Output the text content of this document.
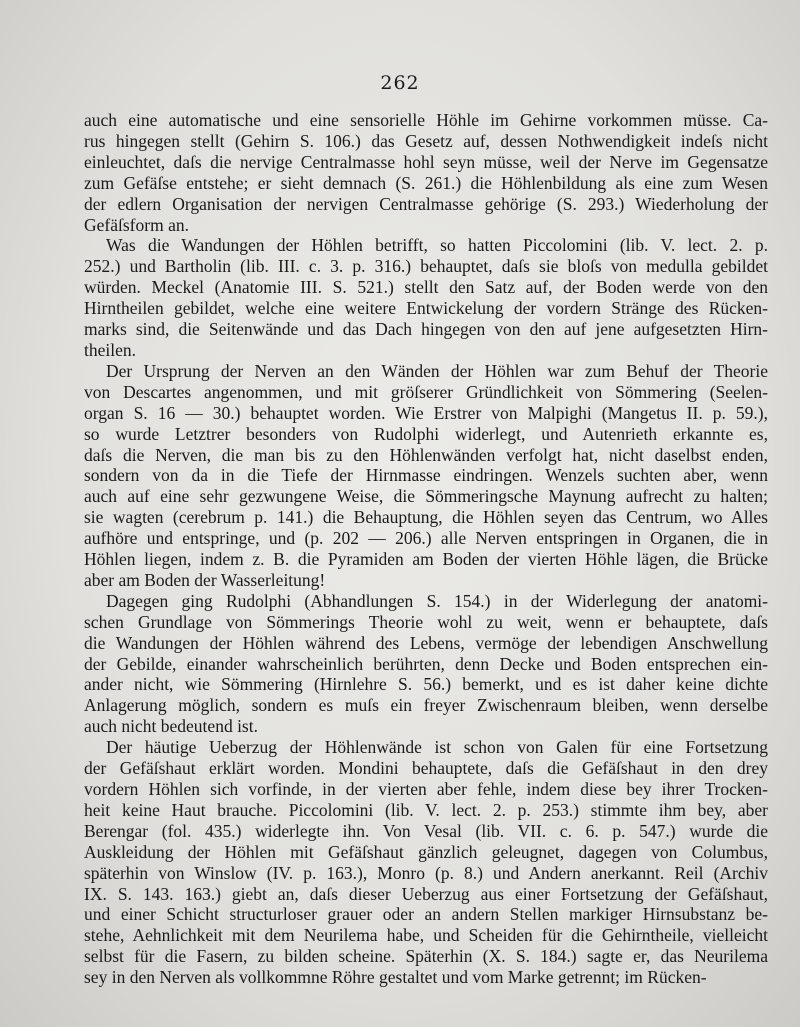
262
auch eine automatische und eine sensorielle Höhle im Gehirne vorkommen müsse. Ca-
rus hingegen stellt (Gehirn S. 106.) das Gesetz auf, dessen Nothwendigkeit indeſs nicht
einleuchtet, daſs die nervige Centralmasse hohl seyn müsse, weil der Nerve im Gegensatze
zum Gefäſse entstehe; er sieht demnach (S. 261.) die Höhlenbildung als eine zum Wesen
der edlern Organisation der nervigen Centralmasse gehörige (S. 293.) Wiederholung der
Gefäſsform an.
Was die Wandungen der Höhlen betrifft, so hatten Piccolomini (lib. V. lect. 2. p.
252.) und Bartholin (lib. III. c. 3. p. 316.) behauptet, daſs sie bloſs von medulla gebildet
würden. Meckel (Anatomie III. S. 521.) stellt den Satz auf, der Boden werde von den
Hirntheilen gebildet, welche eine weitere Entwickelung der vordern Stränge des Rücken-
marks sind, die Seitenwände und das Dach hingegen von den auf jene aufgesetzten Hirn-
theilen.
Der Ursprung der Nerven an den Wänden der Höhlen war zum Behuf der Theorie
von Descartes angenommen, und mit gröſserer Gründlichkeit von Sömmering (Seelen-
organ S. 16 — 30.) behauptet worden. Wie Erstrer von Malpighi (Mangetus II. p. 59.),
so wurde Letztrer besonders von Rudolphi widerlegt, und Autenrieth erkannte es,
daſs die Nerven, die man bis zu den Höhlenwänden verfolgt hat, nicht daselbst enden,
sondern von da in die Tiefe der Hirnmasse eindringen. Wenzels suchten aber, wenn
auch auf eine sehr gezwungene Weise, die Sömmeringsche Maynung aufrecht zu halten;
sie wagten (cerebrum p. 141.) die Behauptung, die Höhlen seyen das Centrum, wo Alles
aufhöre und entspringe, und (p. 202 — 206.) alle Nerven entspringen in Organen, die in
Höhlen liegen, indem z. B. die Pyramiden am Boden der vierten Höhle lägen, die Brücke
aber am Boden der Wasserleitung!
Dagegen ging Rudolphi (Abhandlungen S. 154.) in der Widerlegung der anatomi-
schen Grundlage von Sömmerings Theorie wohl zu weit, wenn er behauptete, daſs
die Wandungen der Höhlen während des Lebens, vermöge der lebendigen Anschwellung
der Gebilde, einander wahrscheinlich berührten, denn Decke und Boden entsprechen ein-
ander nicht, wie Sömmering (Hirnlehre S. 56.) bemerkt, und es ist daher keine dichte
Anlagerung möglich, sondern es muſs ein freyer Zwischenraum bleiben, wenn derselbe
auch nicht bedeutend ist.
Der häutige Ueberzug der Höhlenwände ist schon von Galen für eine Fortsetzung
der Gefäſshaut erklärt worden. Mondini behauptete, daſs die Gefäſshaut in den drey
vordern Höhlen sich vorfinde, in der vierten aber fehle, indem diese bey ihrer Trocken-
heit keine Haut brauche. Piccolomini (lib. V. lect. 2. p. 253.) stimmte ihm bey, aber
Berengar (fol. 435.) widerlegte ihn. Von Vesal (lib. VII. c. 6. p. 547.) wurde die
Auskleidung der Höhlen mit Gefäſshaut gänzlich geleugnet, dagegen von Columbus,
späterhin von Winslow (IV. p. 163.), Monro (p. 8.) und Andern anerkannt. Reil (Archiv
IX. S. 143. 163.) giebt an, daſs dieser Ueberzug aus einer Fortsetzung der Gefäſshaut,
und einer Schicht structurloser grauer oder an andern Stellen markiger Hirnsubstanz be-
stehe, Aehnlichkeit mit dem Neurilema habe, und Scheiden für die Gehirntheile, vielleicht
selbst für die Fasern, zu bilden scheine. Späterhin (X. S. 184.) sagte er, das Neurilema
sey in den Nerven als vollkommne Röhre gestaltet und vom Marke getrennt; im Rücken-
